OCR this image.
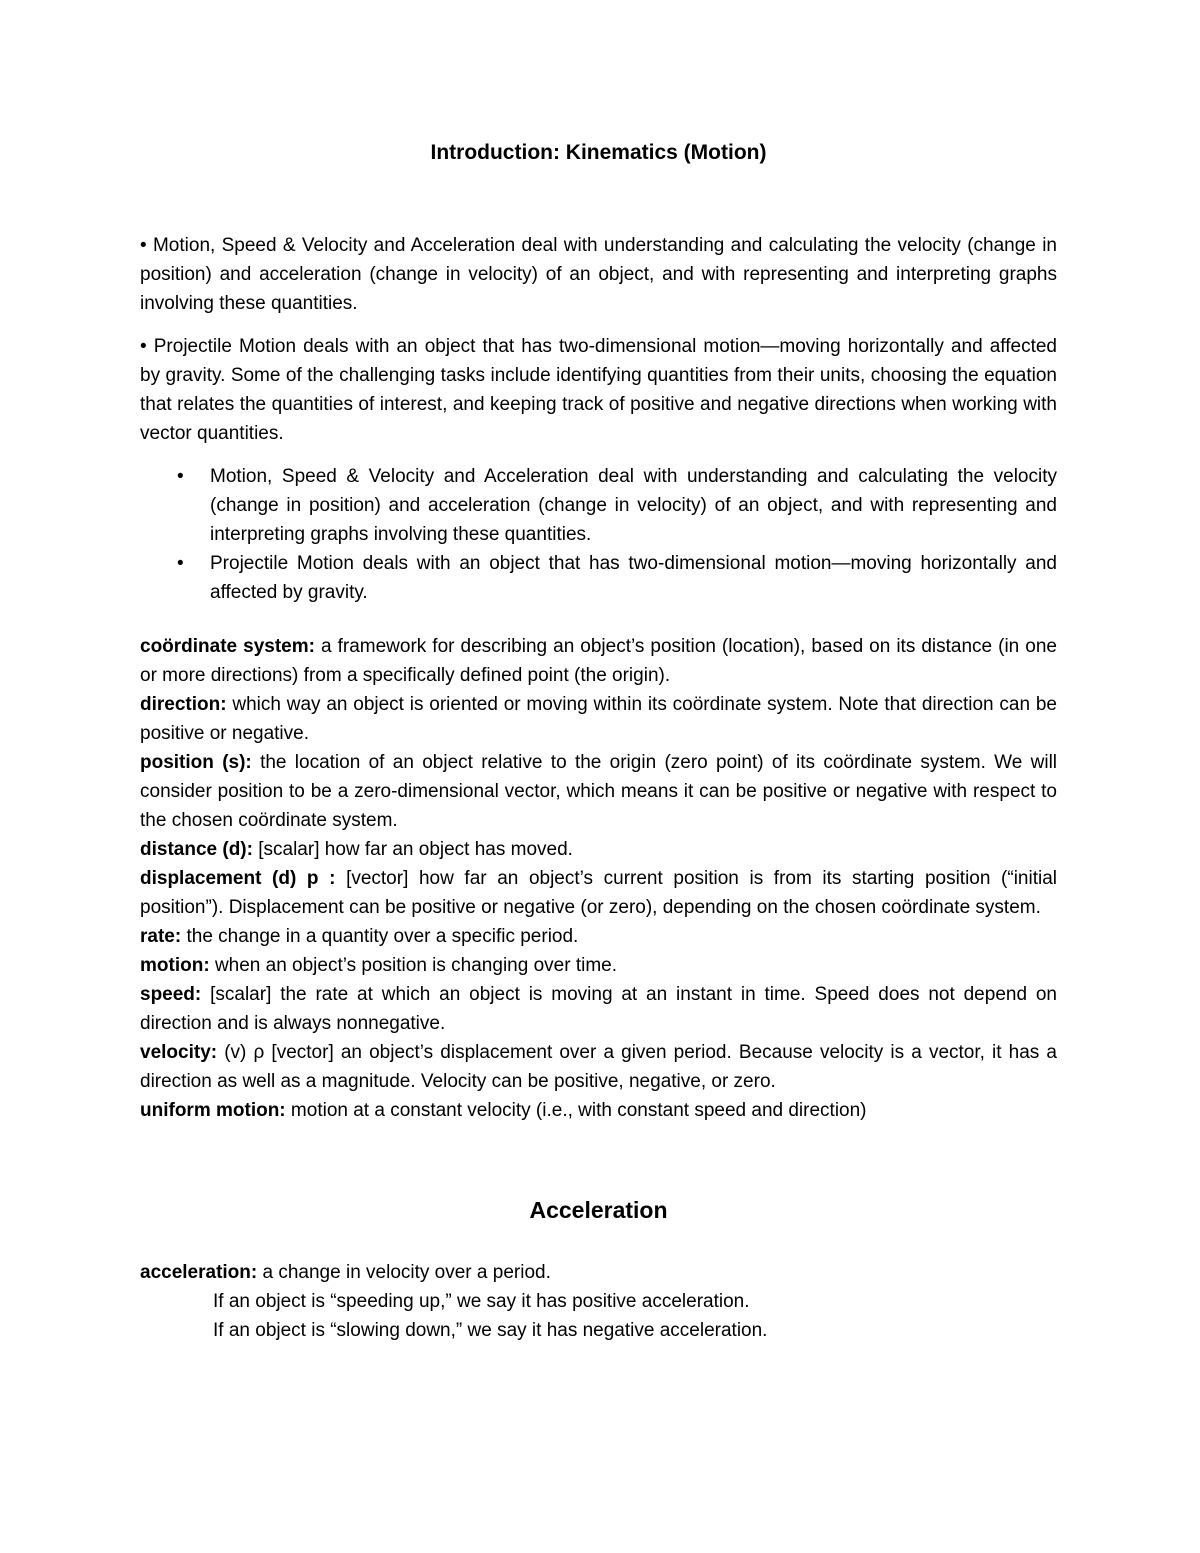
Introduction: Kinematics (Motion)

• Motion, Speed & Velocity and Acceleration deal with understanding and calculating the velocity (change in position) and acceleration (change in velocity) of an object, and with representing and interpreting graphs involving these quantities.

• Projectile Motion deals with an object that has two-dimensional motion—moving horizontally and affected by gravity. Some of the challenging tasks include identifying quantities from their units, choosing the equation that relates the quantities of interest, and keeping track of positive and negative directions when working with vector quantities.

•	Motion, Speed & Velocity and Acceleration deal with understanding and calculating the velocity (change in position) and acceleration (change in velocity) of an object, and with representing and interpreting graphs involving these quantities.
•	Projectile Motion deals with an object that has two-dimensional motion—moving horizontally and affected by gravity.

coördinate system: a framework for describing an object’s position (location), based on its distance (in one or more directions) from a specifically defined point (the origin).

direction: which way an object is oriented or moving within its coördinate system. Note that direction can be positive or negative.

position (s): the location of an object relative to the origin (zero point) of its coördinate system. We will consider position to be a zero-dimensional vector, which means it can be positive or negative with respect to the chosen coördinate system.

distance (d): [scalar] how far an object has moved.

displacement (d) p : [vector] how far an object’s current position is from its starting position (“initial position”). Displacement can be positive or negative (or zero), depending on the chosen coördinate system.

rate: the change in a quantity over a specific period.

motion: when an object’s position is changing over time.

speed: [scalar] the rate at which an object is moving at an instant in time. Speed does not depend on direction and is always nonnegative.

velocity: (v) ρ [vector] an object’s displacement over a given period. Because velocity is a vector, it has a direction as well as a magnitude. Velocity can be positive, negative, or zero.

uniform motion: motion at a constant velocity (i.e., with constant speed and direction)

Acceleration

acceleration: a change in velocity over a period.

If an object is “speeding up,” we say it has positive acceleration.

If an object is “slowing down,” we say it has negative acceleration.
